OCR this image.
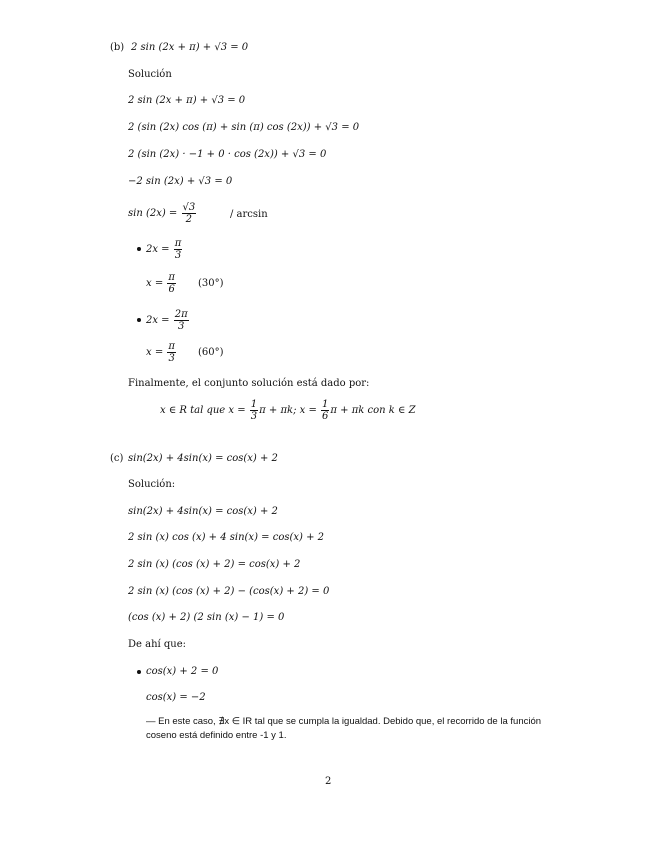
(b) 2 sin (2x + π) + √3 = 0
Solución
2 sin (2x + π) + √3 = 0
2 (sin (2x) cos (π) + sin (π) cos (2x)) + √3 = 0
2 (sin (2x) · −1 + 0 · cos (2x)) + √3 = 0
−2 sin (2x) + √3 = 0
$\sin (2x) = \frac{√3}{2}$	/ arcsin
$2x = \frac{\pi}{3}$
$x = \frac{\pi}{6} (30^\circ)$
$2x = \frac{2\pi}{3}$
$x = \frac{\pi}{3} (60^\circ)$
Finalmente, el conjunto solución está dado por:
x ∈ R tal que $x = \frac{1}{3}$ π + πk; $x = \frac{1}{6}$ π + πk con k ∈ Z
(c) sin(2x) + 4sin(x) = cos(x) + 2
Solución:
sin(2x) + 4sin(x) = cos(x) + 2
2 sin (x) cos (x) + 4 sin(x) = cos(x) + 2
2 sin (x) (cos (x) + 2) = cos(x) + 2
2 sin (x) (cos (x) + 2) − (cos(x) + 2) = 0
(cos (x) + 2) (2 sin (x) − 1) = 0
De ahí que:
cos(x) + 2 = 0
cos(x) = −2
— En este caso, ∄x ∈ IR tal que se cumpla la igualdad. Debido que, el recorrido de la función
coseno está definido entre -1 y 1.
2
